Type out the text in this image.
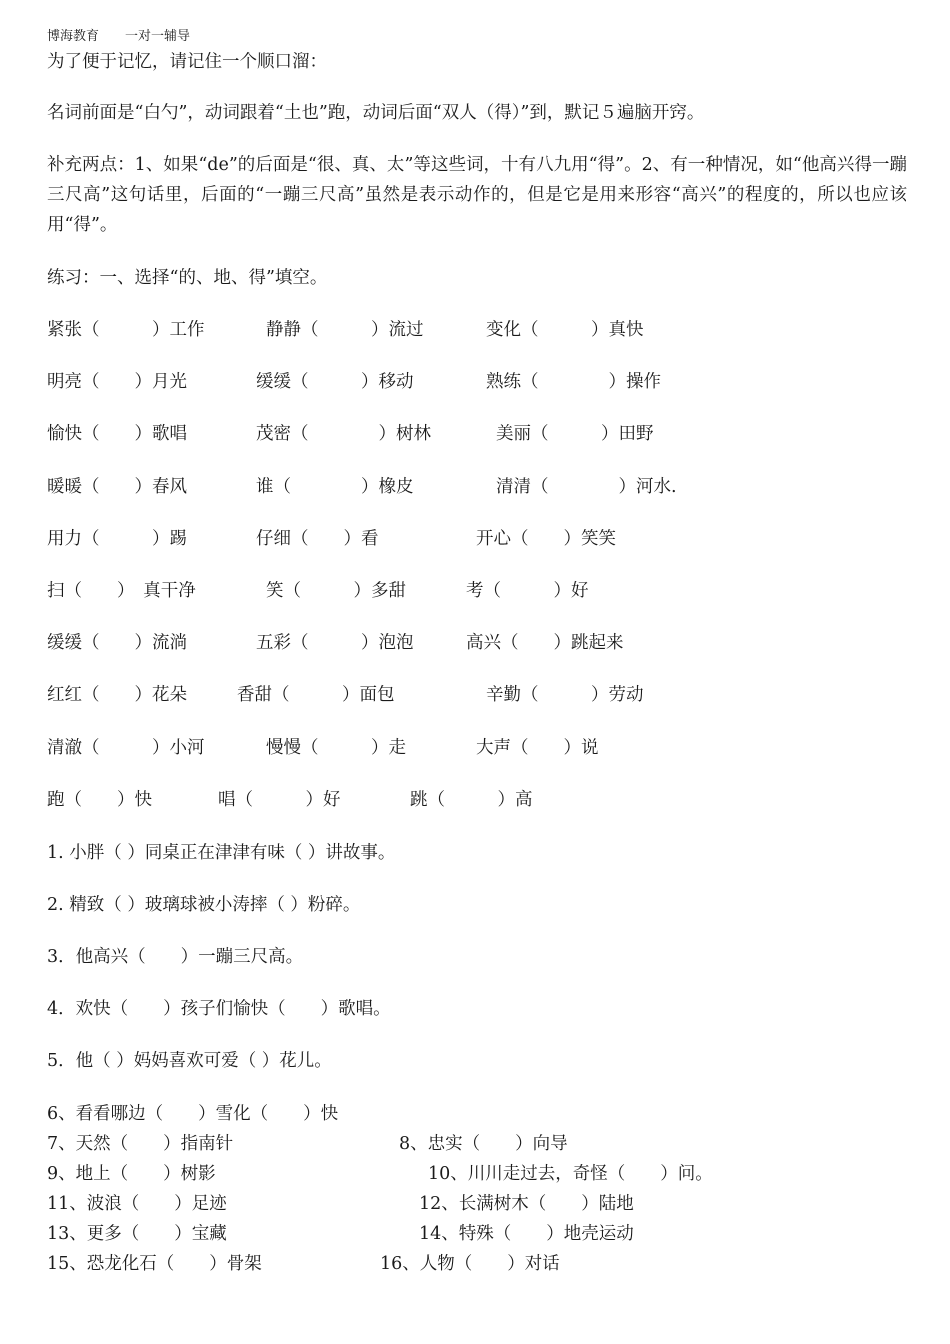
博海教育　　 一对一辅导
为了便于记忆，请记住一个顺口溜：
名词前面是“白勺”，动词跟着“土也”跑，动词后面“双人（得）”到，默记５遍脑开窍。
补充两点：1、如果“de”的后面是“很、真、太”等这些词，十有八九用“得”。2、有一种情况，如“他高兴得一蹦三尺高”这句话里，后面的“一蹦三尺高”虽然是表示动作的，但是它是用来形容“高兴”的程度的，所以也应该用“得”。
练习：一、选择“的、地、得”填空。
紧张（　　　）工作	静静（　　　）流过	变化（　　　）真快
明亮（　　）月光	缓缓（　　　）移动	熟练（　　　　）操作
愉快（　　）歌唱	茂密（　　　　）树林	美丽（　　　）田野
暖暖（　　）春风	谁（　　　　）橡皮	清清（　　　　）河水.
用力（　　　）踢	仔细（　　）看	开心（　　）笑笑
扫（　　）　真干净	笑（　　　）多甜	考（　　　）好
缓缓（　　）流淌	五彩（　　　）泡泡	高兴（　　）跳起来
红红（　　）花朵	香甜（　　　）面包	辛勤（　　　）劳动
清澈（　　　）小河	慢慢（　　　）走	大声（　　）说
跑（　　）快	唱（　　　）好	跳（　　　）高
1. 小胖（ ）同桌正在津津有味（ ）讲故事。
2. 精致（ ）玻璃球被小涛摔（ ）粉碎。
3．他高兴（　　）一蹦三尺高。
4．欢快（　　）孩子们愉快（　　）歌唱。
5．他（ ）妈妈喜欢可爱（ ）花儿。
6、看看哪边（　　）雪化（　　）快
7、天然（　　）指南针	8、忠实（　　）向导
9、地上（　　）树影	10、川川走过去，奇怪（　　）问。
11、波浪（　　）足迹	12、长满树木（　　）陆地
13、更多（　　）宝藏	14、特殊（　　）地壳运动
15、恐龙化石（　　）骨架	16、人物（　　）对话
